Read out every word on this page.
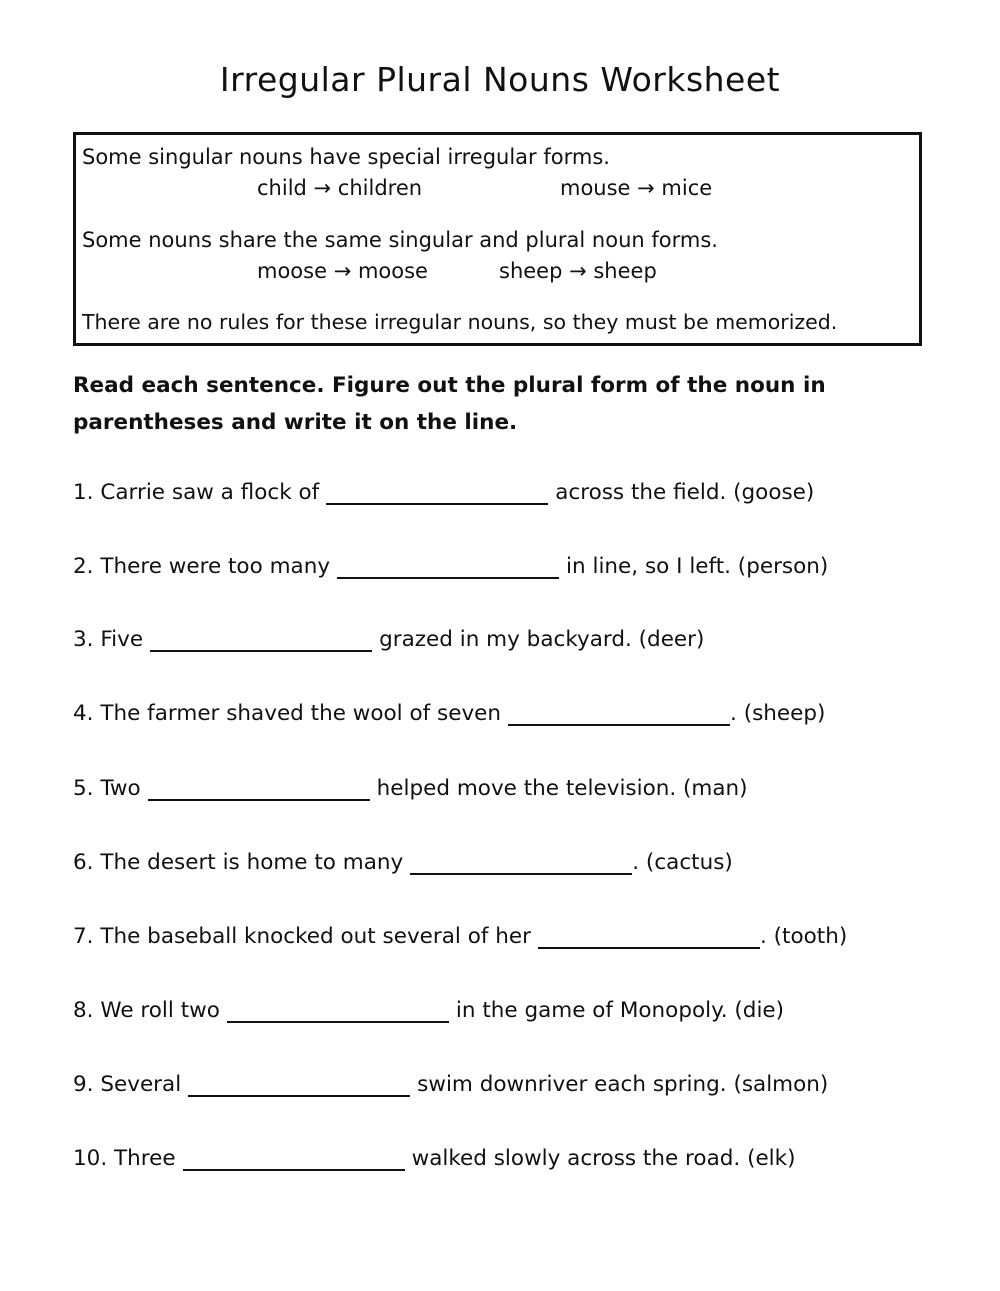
Irregular Plural Nouns Worksheet
Some singular nouns have special irregular forms.
child → children	mouse → mice
Some nouns share the same singular and plural noun forms.
moose → moose	sheep → sheep
There are no rules for these irregular nouns, so they must be memorized.
Read each sentence. Figure out the plural form of the noun in
parentheses and write it on the line.
1. Carrie saw a flock of	across the field. (goose)
2. There were too many	in line, so I left. (person)
3. Five	grazed in my backyard. (deer)
4. The farmer shaved the wool of seven	. (sheep)
5. Two	helped move the television. (man)
6. The desert is home to many	. (cactus)
7. The baseball knocked out several of her	. (tooth)
8. We roll two	in the game of Monopoly. (die)
9. Several	swim downriver each spring. (salmon)
10. Three	walked slowly across the road. (elk)
